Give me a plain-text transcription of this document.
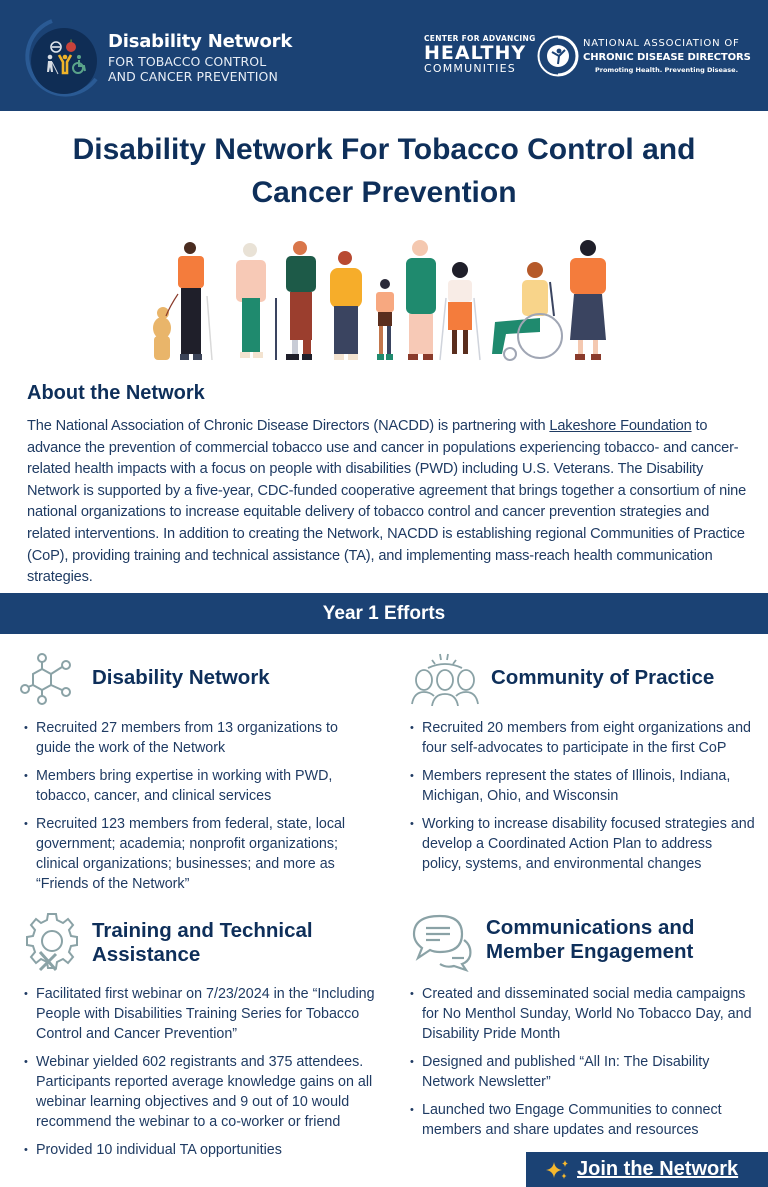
Disability Network
FOR TOBACCO CONTROL
AND CANCER PREVENTION
CENTER FOR ADVANCING
HEALTHY
COMMUNITIES
NATIONAL ASSOCIATION OF
CHRONIC DISEASE DIRECTORS
Promoting Health. Preventing Disease.
Disability Network For Tobacco Control and
Cancer Prevention
About the Network

The National Association of Chronic Disease Directors (NACDD) is partnering with Lakeshore Foundation to advance the prevention of commercial tobacco use and cancer in populations experiencing tobacco- and cancer-related health impacts with a focus on people with disabilities (PWD) including U.S. Veterans. The Disability Network is supported by a five-year, CDC-funded cooperative agreement that brings together a consortium of nine national organizations to increase equitable delivery of tobacco control and cancer prevention strategies and related interventions. In addition to creating the Network, NACDD is establishing regional Communities of Practice (CoP), providing training and technical assistance (TA), and implementing mass-reach health communication strategies.

Year 1 Efforts
Disability Network
• Recruited 27 members from 13 organizations to guide the work of the Network
• Members bring expertise in working with PWD, tobacco, cancer, and clinical services
• Recruited 123 members from federal, state, local government; academia; nonprofit organizations; clinical organizations; businesses; and more as “Friends of the Network”
Community of Practice
• Recruited 20 members from eight organizations and four self-advocates to participate in the first CoP
• Members represent the states of Illinois, Indiana, Michigan, Ohio, and Wisconsin
• Working to increase disability focused strategies and develop a Coordinated Action Plan to address policy, systems, and environmental changes
Training and Technical
Assistance
• Facilitated first webinar on 7/23/2024 in the “Including People with Disabilities Training Series for Tobacco Control and Cancer Prevention”
• Webinar yielded 602 registrants and 375 attendees. Participants reported average knowledge gains on all webinar learning objectives and 9 out of 10 would recommend the webinar to a co-worker or friend
• Provided 10 individual TA opportunities
Communications and
Member Engagement
• Created and disseminated social media campaigns for No Menthol Sunday, World No Tobacco Day, and Disability Pride Month
• Designed and published “All In: The Disability Network Newsletter”
• Launched two Engage Communities to connect members and share updates and resources
Join the Network
